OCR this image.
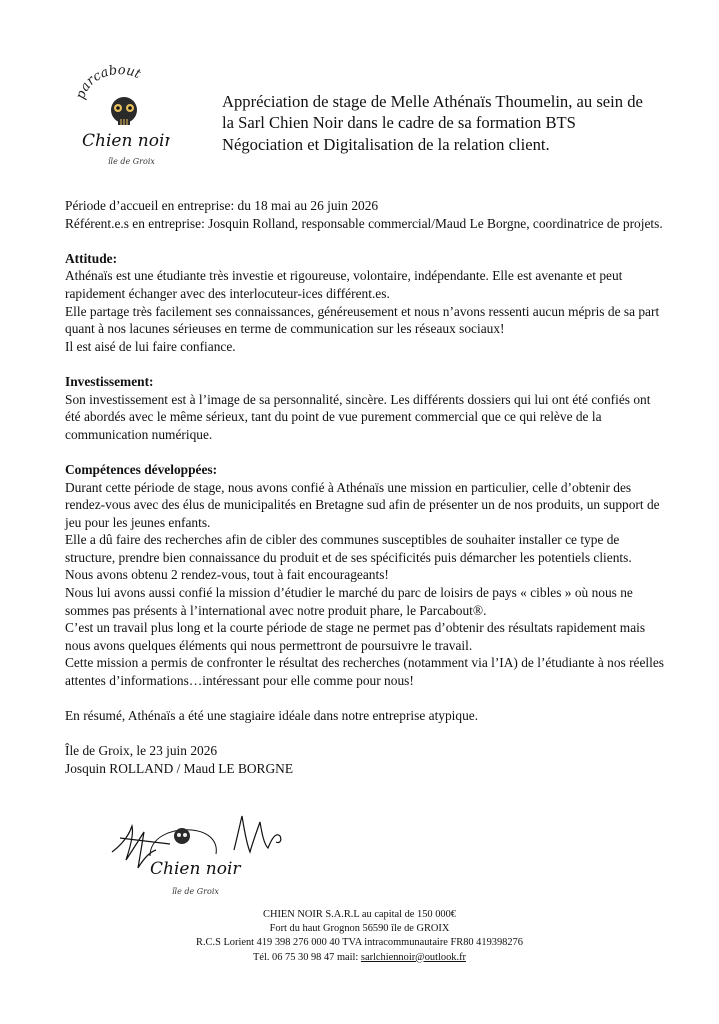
parcabout
Chien noir
île de Groix
Appréciation de stage de Melle Athénaïs Thoumelin, au sein de la Sarl Chien Noir dans le cadre de sa formation BTS Négociation et Digitalisation de la relation client.

Période d’accueil en entreprise: du 18 mai au 26 juin 2026

Référent.e.s en entreprise: Josquin Rolland, responsable commercial/Maud Le Borgne, coordinatrice de projets.

Attitude:

Athénaïs est une étudiante très investie et rigoureuse, volontaire, indépendante. Elle est avenante et peut rapidement échanger avec des interlocuteur-ices différent.es.

Elle partage très facilement ses connaissances, généreusement et nous n’avons ressenti aucun mépris de sa part quant à nos lacunes sérieuses en terme de communication sur les réseaux sociaux!

Il est aisé de lui faire confiance.

Investissement:

Son investissement est à l’image de sa personnalité, sincère. Les différents dossiers qui lui ont été confiés ont été abordés avec le même sérieux, tant du point de vue purement commercial que ce qui relève de la communication numérique.

Compétences développées:

Durant cette période de stage, nous avons confié à Athénaïs une mission en particulier, celle d’obtenir des rendez-vous avec des élus de municipalités en Bretagne sud afin de présenter un de nos produits, un support de jeu pour les jeunes enfants.

Elle a dû faire des recherches afin de cibler des communes susceptibles de souhaiter installer ce type de structure, prendre bien connaissance du produit et de ses spécificités puis démarcher les potentiels clients.

Nous avons obtenu 2 rendez-vous, tout à fait encourageants!

Nous lui avons aussi confié la mission d’étudier le marché du parc de loisirs de pays « cibles » où nous ne sommes pas présents à l’international avec notre produit phare, le Parcabout®.

C’est un travail plus long et la courte période de stage ne permet pas d’obtenir des résultats rapidement mais nous avons quelques éléments qui nous permettront de poursuivre le travail.

Cette mission a permis de confronter le résultat des recherches (notamment via l’IA) de l’étudiante à nos réelles attentes d’informations…intéressant pour elle comme pour nous!

En résumé, Athénaïs a été une stagiaire idéale dans notre entreprise atypique.

Île de Groix, le 23 juin 2026

Josquin ROLLAND / Maud LE BORGNE

Chien noir
île de Groix
CHIEN NOIR S.A.R.L au capital de 150 000€
Fort du haut Grognon 56590 île de GROIX
R.C.S Lorient 419 398 276 000 40 TVA intracommunautaire FR80 419398276
Tél. 06 75 30 98 47 mail: sarlchiennoir@outlook.fr
